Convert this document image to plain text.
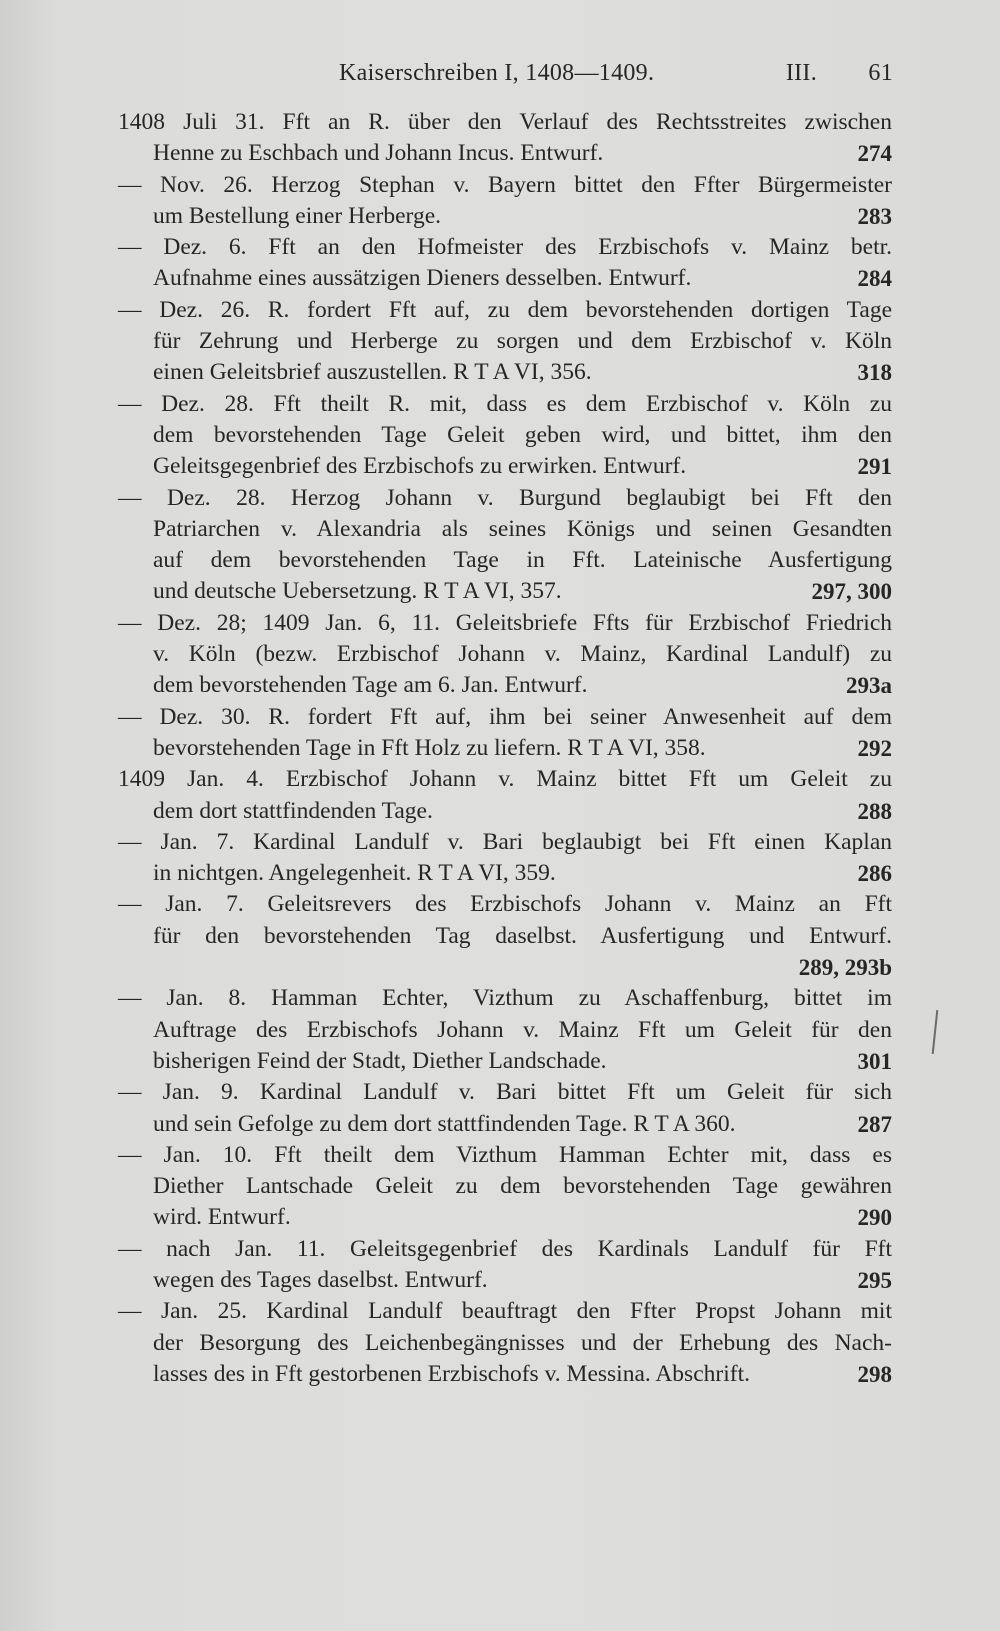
Kaiserschreiben I, 1408—1409.	III. 61
1408 Juli 31. Fft an R. über den Verlauf des Rechtsstreites zwischen
Henne zu Eschbach und Johann Incus. Entwurf.	274
— Nov. 26. Herzog Stephan v. Bayern bittet den Ffter Bürgermeister
um Bestellung einer Herberge.	283
— Dez. 6. Fft an den Hofmeister des Erzbischofs v. Mainz betr.
Aufnahme eines aussätzigen Dieners desselben. Entwurf.	284
— Dez. 26. R. fordert Fft auf, zu dem bevorstehenden dortigen Tage
für Zehrung und Herberge zu sorgen und dem Erzbischof v. Köln
einen Geleitsbrief auszustellen. R T A VI, 356.	318
— Dez. 28. Fft theilt R. mit, dass es dem Erzbischof v. Köln zu
dem bevorstehenden Tage Geleit geben wird, und bittet, ihm den
Geleitsgegenbrief des Erzbischofs zu erwirken. Entwurf.	291
— Dez. 28. Herzog Johann v. Burgund beglaubigt bei Fft den
Patriarchen v. Alexandria als seines Königs und seinen Gesandten
auf dem bevorstehenden Tage in Fft. Lateinische Ausfertigung
und deutsche Uebersetzung. R T A VI, 357.	297, 300
— Dez. 28; 1409 Jan. 6, 11. Geleitsbriefe Ffts für Erzbischof Friedrich
v. Köln (bezw. Erzbischof Johann v. Mainz, Kardinal Landulf) zu
dem bevorstehenden Tage am 6. Jan. Entwurf.	293a
— Dez. 30. R. fordert Fft auf, ihm bei seiner Anwesenheit auf dem
bevorstehenden Tage in Fft Holz zu liefern. R T A VI, 358.	292
1409 Jan. 4. Erzbischof Johann v. Mainz bittet Fft um Geleit zu
dem dort stattfindenden Tage.	288
— Jan. 7. Kardinal Landulf v. Bari beglaubigt bei Fft einen Kaplan
in nichtgen. Angelegenheit. R T A VI, 359.	286
— Jan. 7. Geleitsrevers des Erzbischofs Johann v. Mainz an Fft
für den bevorstehenden Tag daselbst. Ausfertigung und Entwurf.
289, 293b
— Jan. 8. Hamman Echter, Vizthum zu Aschaffenburg, bittet im
Auftrage des Erzbischofs Johann v. Mainz Fft um Geleit für den
bisherigen Feind der Stadt, Diether Landschade.	301
— Jan. 9. Kardinal Landulf v. Bari bittet Fft um Geleit für sich
und sein Gefolge zu dem dort stattfindenden Tage. R T A 360.	287
— Jan. 10. Fft theilt dem Vizthum Hamman Echter mit, dass es
Diether Lantschade Geleit zu dem bevorstehenden Tage gewähren
wird. Entwurf.	290
— nach Jan. 11. Geleitsgegenbrief des Kardinals Landulf für Fft
wegen des Tages daselbst. Entwurf.	295
— Jan. 25. Kardinal Landulf beauftragt den Ffter Propst Johann mit
der Besorgung des Leichenbegängnisses und der Erhebung des Nach-
lasses des in Fft gestorbenen Erzbischofs v. Messina. Abschrift.	298
